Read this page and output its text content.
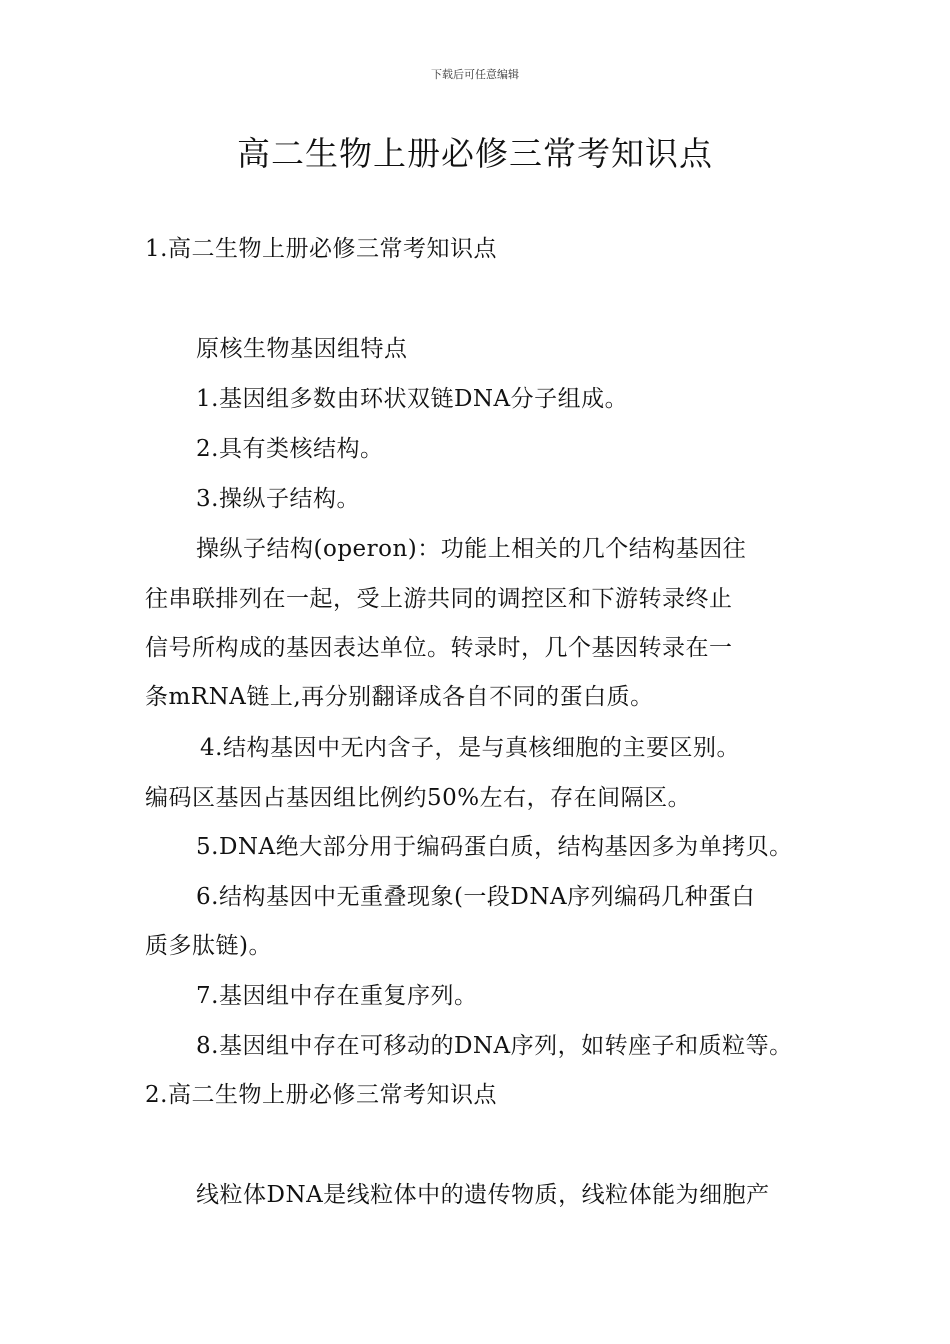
下载后可任意编辑
高二生物上册必修三常考知识点
1.高二生物上册必修三常考知识点
原核生物基因组特点
1.基因组多数由环状双链DNA分子组成。
2.具有类核结构。
3.操纵子结构。
操纵子结构(operon)：功能上相关的几个结构基因往
往串联排列在一起，受上游共同的调控区和下游转录终止
信号所构成的基因表达单位。转录时，几个基因转录在一
条mRNA链上,再分别翻译成各自不同的蛋白质。
4.结构基因中无内含子，是与真核细胞的主要区别。
编码区基因占基因组比例约50%左右，存在间隔区。
5.DNA绝大部分用于编码蛋白质，结构基因多为单拷贝。
6.结构基因中无重叠现象(一段DNA序列编码几种蛋白
质多肽链)。
7.基因组中存在重复序列。
8.基因组中存在可移动的DNA序列，如转座子和质粒等。
2.高二生物上册必修三常考知识点
线粒体DNA是线粒体中的遗传物质，线粒体能为细胞产
